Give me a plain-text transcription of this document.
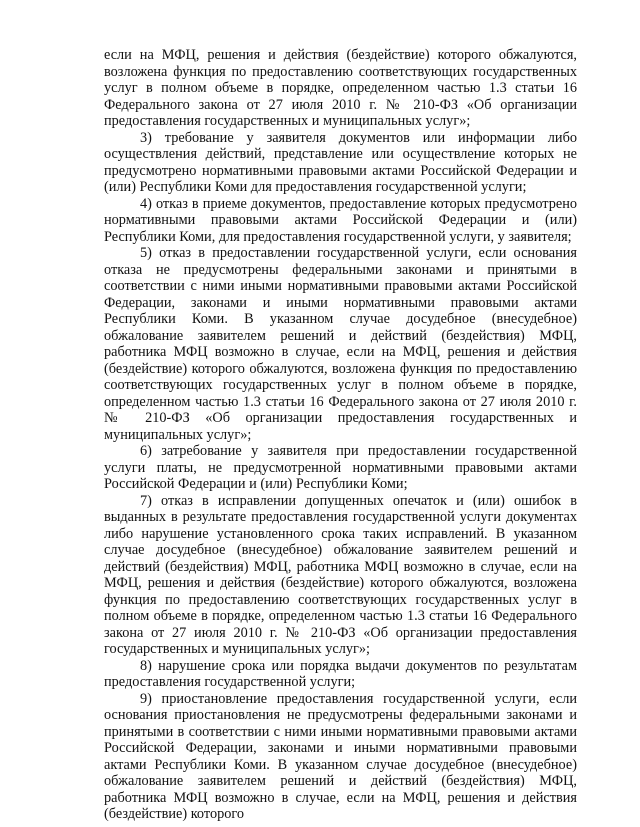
если на МФЦ, решения и действия (бездействие) которого обжалуются, возложена функция по предоставлению соответствующих государственных услуг в полном объеме в порядке, определенном частью 1.3 статьи 16 Федерального закона от 27 июля 2010 г. № 210-ФЗ «Об организации предоставления государственных и муниципальных услуг»;

3) требование у заявителя документов или информации либо осуществления действий, представление или осуществление которых не предусмотрено нормативными правовыми актами Российской Федерации и (или) Республики Коми для предоставления государственной услуги;

4) отказ в приеме документов, предоставление которых предусмотрено нормативными правовыми актами Российской Федерации и (или) Республики Коми, для предоставления государственной услуги, у заявителя;

5) отказ в предоставлении государственной услуги, если основания отказа не предусмотрены федеральными законами и принятыми в соответствии с ними иными нормативными правовыми актами Российской Федерации, законами и иными нормативными правовыми актами Республики Коми. В указанном случае досудебное (внесудебное) обжалование заявителем решений и действий (бездействия) МФЦ, работника МФЦ возможно в случае, если на МФЦ, решения и действия (бездействие) которого обжалуются, возложена функция по предоставлению соответствующих государственных услуг в полном объеме в порядке, определенном частью 1.3 статьи 16 Федерального закона от 27 июля 2010 г. № 210-ФЗ «Об организации предоставления государственных и муниципальных услуг»;

6) затребование у заявителя при предоставлении государственной услуги платы, не предусмотренной нормативными правовыми актами Российской Федерации и (или) Республики Коми;

7) отказ в исправлении допущенных опечаток и (или) ошибок в выданных в результате предоставления государственной услуги документах либо нарушение установленного срока таких исправлений. В указанном случае досудебное (внесудебное) обжалование заявителем решений и действий (бездействия) МФЦ, работника МФЦ возможно в случае, если на МФЦ, решения и действия (бездействие) которого обжалуются, возложена функция по предоставлению соответствующих государственных услуг в полном объеме в порядке, определенном частью 1.3 статьи 16 Федерального закона от 27 июля 2010 г. № 210-ФЗ «Об организации предоставления государственных и муниципальных услуг»;

8) нарушение срока или порядка выдачи документов по результатам предоставления государственной услуги;

9) приостановление предоставления государственной услуги, если основания приостановления не предусмотрены федеральными законами и принятыми в соответствии с ними иными нормативными правовыми актами Российской Федерации, законами и иными нормативными правовыми актами Республики Коми. В указанном случае досудебное (внесудебное) обжалование заявителем решений и действий (бездействия) МФЦ, работника МФЦ возможно в случае, если на МФЦ, решения и действия (бездействие) которого
